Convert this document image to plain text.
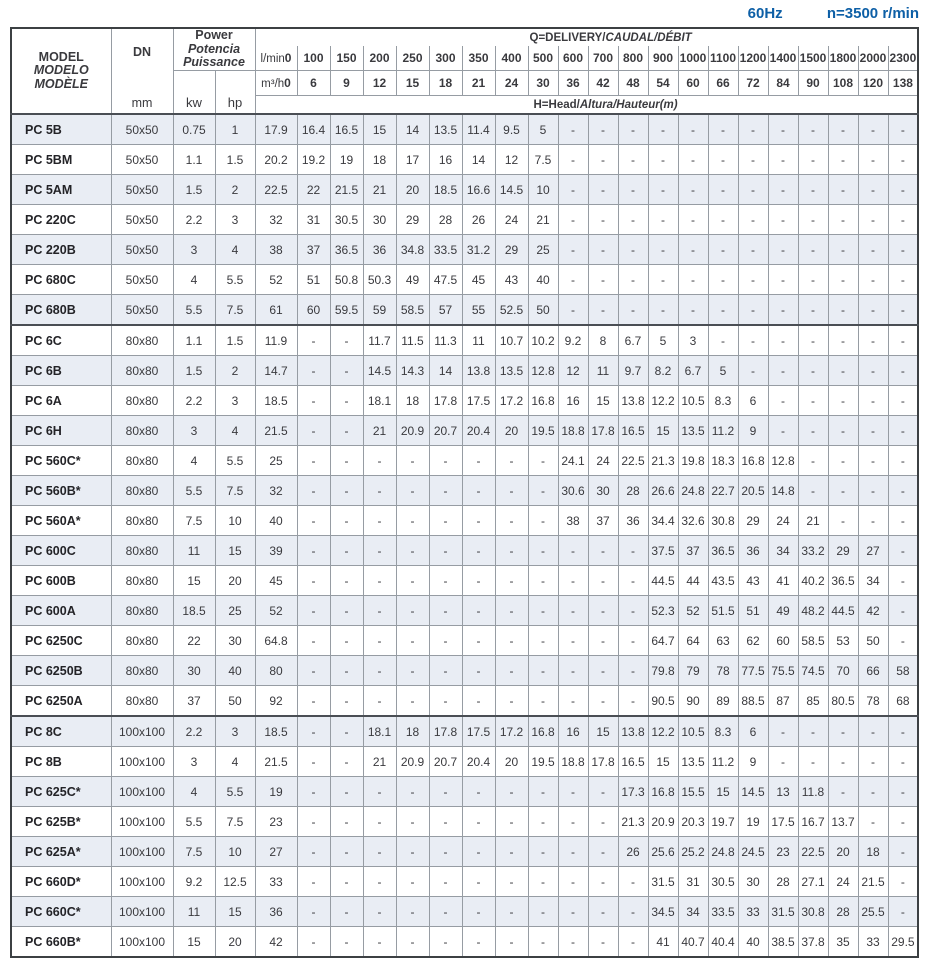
60Hz	n=3500 r/min
MODEL
MODELO
MODÈLE	DN
mm	Power
Potencia
Puissance		Q=DELIVERY/CAUDAL/DÉBIT																				
				l/min0	100	150	200	250	300	350	400	500	600	700	800	900	1000	1100	1200	1400	1500	1800	2000	2300
		kw	hp	m³/h0	6	9	12	15	18	21	24	30	36	42	48	54	60	66	72	84	90	108	120	138
				H=Head/Altura/Hauteur(m)																				
PC 5B	50x50	0.75	1	17.9	16.4	16.5	15	14	13.5	11.4	9.5	5	-	-	-	-	-	-	-	-	-	-	-	-
PC 5BM	50x50	1.1	1.5	20.2	19.2	19	18	17	16	14	12	7.5	-	-	-	-	-	-	-	-	-	-	-	-
PC 5AM	50x50	1.5	2	22.5	22	21.5	21	20	18.5	16.6	14.5	10	-	-	-	-	-	-	-	-	-	-	-	-
PC 220C	50x50	2.2	3	32	31	30.5	30	29	28	26	24	21	-	-	-	-	-	-	-	-	-	-	-	-
PC 220B	50x50	3	4	38	37	36.5	36	34.8	33.5	31.2	29	25	-	-	-	-	-	-	-	-	-	-	-	-
PC 680C	50x50	4	5.5	52	51	50.8	50.3	49	47.5	45	43	40	-	-	-	-	-	-	-	-	-	-	-	-
PC 680B	50x50	5.5	7.5	61	60	59.5	59	58.5	57	55	52.5	50	-	-	-	-	-	-	-	-	-	-	-	-
PC 6C	80x80	1.1	1.5	11.9	-	-	11.7	11.5	11.3	11	10.7	10.2	9.2	8	6.7	5	3	-	-	-	-	-	-	-
PC 6B	80x80	1.5	2	14.7	-	-	14.5	14.3	14	13.8	13.5	12.8	12	11	9.7	8.2	6.7	5	-	-	-	-	-	-
PC 6A	80x80	2.2	3	18.5	-	-	18.1	18	17.8	17.5	17.2	16.8	16	15	13.8	12.2	10.5	8.3	6	-	-	-	-	-
PC 6H	80x80	3	4	21.5	-	-	21	20.9	20.7	20.4	20	19.5	18.8	17.8	16.5	15	13.5	11.2	9	-	-	-	-	-
PC 560C*	80x80	4	5.5	25	-	-	-	-	-	-	-	-	24.1	24	22.5	21.3	19.8	18.3	16.8	12.8	-	-	-	-
PC 560B*	80x80	5.5	7.5	32	-	-	-	-	-	-	-	-	30.6	30	28	26.6	24.8	22.7	20.5	14.8	-	-	-	-
PC 560A*	80x80	7.5	10	40	-	-	-	-	-	-	-	-	38	37	36	34.4	32.6	30.8	29	24	21	-	-	-
PC 600C	80x80	11	15	39	-	-	-	-	-	-	-	-	-	-	-	37.5	37	36.5	36	34	33.2	29	27	-
PC 600B	80x80	15	20	45	-	-	-	-	-	-	-	-	-	-	-	44.5	44	43.5	43	41	40.2	36.5	34	-
PC 600A	80x80	18.5	25	52	-	-	-	-	-	-	-	-	-	-	-	52.3	52	51.5	51	49	48.2	44.5	42	-
PC 6250C	80x80	22	30	64.8	-	-	-	-	-	-	-	-	-	-	-	64.7	64	63	62	60	58.5	53	50	-
PC 6250B	80x80	30	40	80	-	-	-	-	-	-	-	-	-	-	-	79.8	79	78	77.5	75.5	74.5	70	66	58
PC 6250A	80x80	37	50	92	-	-	-	-	-	-	-	-	-	-	-	90.5	90	89	88.5	87	85	80.5	78	68
PC 8C	100x100	2.2	3	18.5	-	-	18.1	18	17.8	17.5	17.2	16.8	16	15	13.8	12.2	10.5	8.3	6	-	-	-	-	-
PC 8B	100x100	3	4	21.5	-	-	21	20.9	20.7	20.4	20	19.5	18.8	17.8	16.5	15	13.5	11.2	9	-	-	-	-	-
PC 625C*	100x100	4	5.5	19	-	-	-	-	-	-	-	-	-	-	17.3	16.8	15.5	15	14.5	13	11.8	-	-	-
PC 625B*	100x100	5.5	7.5	23	-	-	-	-	-	-	-	-	-	-	21.3	20.9	20.3	19.7	19	17.5	16.7	13.7	-	-
PC 625A*	100x100	7.5	10	27	-	-	-	-	-	-	-	-	-	-	26	25.6	25.2	24.8	24.5	23	22.5	20	18	-
PC 660D*	100x100	9.2	12.5	33	-	-	-	-	-	-	-	-	-	-	-	31.5	31	30.5	30	28	27.1	24	21.5	-
PC 660C*	100x100	11	15	36	-	-	-	-	-	-	-	-	-	-	-	34.5	34	33.5	33	31.5	30.8	28	25.5	-
PC 660B*	100x100	15	20	42	-	-	-	-	-	-	-	-	-	-	-	41	40.7	40.4	40	38.5	37.8	35	33	29.5
